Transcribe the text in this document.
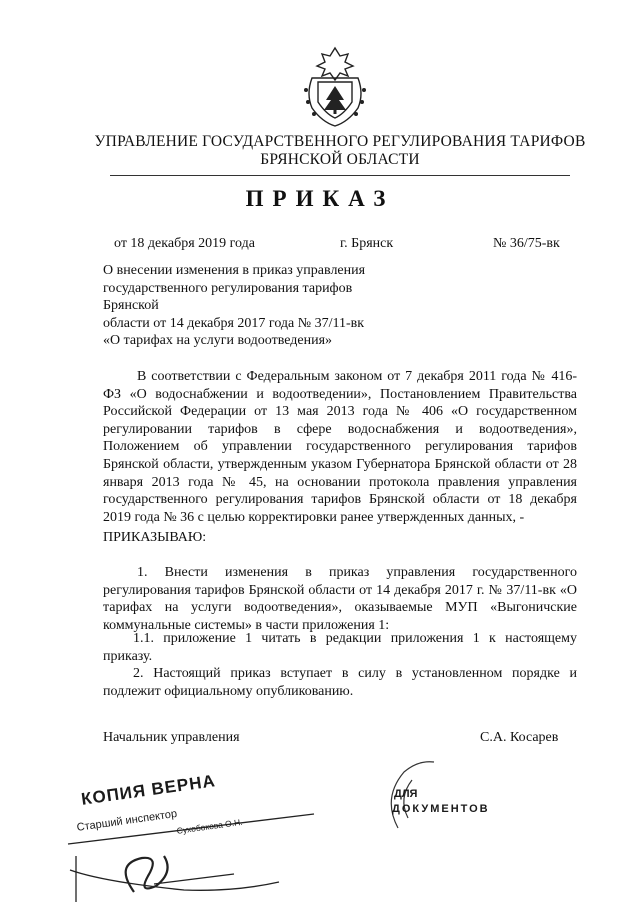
УПРАВЛЕНИЕ ГОСУДАРСТВЕННОГО РЕГУЛИРОВАНИЯ ТАРИФОВ
БРЯНСКОЙ ОБЛАСТИ
ПРИКАЗ
от 18 декабря 2019 года	г. Брянск	№ 36/75-вк
О внесении изменения в приказ управления
государственного регулирования тарифов Брянской
области от 14 декабря 2017 года № 37/11-вк
«О тарифах на услуги водоотведения»
В соответствии с Федеральным законом от 7 декабря 2011 года № 416-ФЗ «О водоснабжении и водоотведении», Постановлением Правительства Российской Федерации от 13 мая 2013 года № 406 «О государственном регулировании тарифов в сфере водоснабжения и водоотведения», Положением об управлении государственного регулирования тарифов Брянской области, утвержденным указом Губернатора Брянской области от 28 января 2013 года № 45, на основании протокола правления управления государственного регулирования тарифов Брянской области от 18 декабря 2019 года № 36 с целью корректировки ранее утвержденных данных, -
ПРИКАЗЫВАЮ:
1. Внести изменения в приказ управления государственного регулирования тарифов Брянской области от 14 декабря 2017 г. № 37/11-вк «О тарифах на услуги водоотведения», оказываемые МУП «Выгоничские коммунальные системы» в части приложения 1:
1.1. приложение 1 читать в редакции приложения 1 к настоящему приказу.
2. Настоящий приказ вступает в силу в установленном порядке и подлежит официальному опубликованию.
Начальник управления	С.А. Косарев
ДЛЯ
ДОКУМЕНТОВ
КОПИЯ ВЕРНА
Старший инспектор
Сухобокова О.Н.
